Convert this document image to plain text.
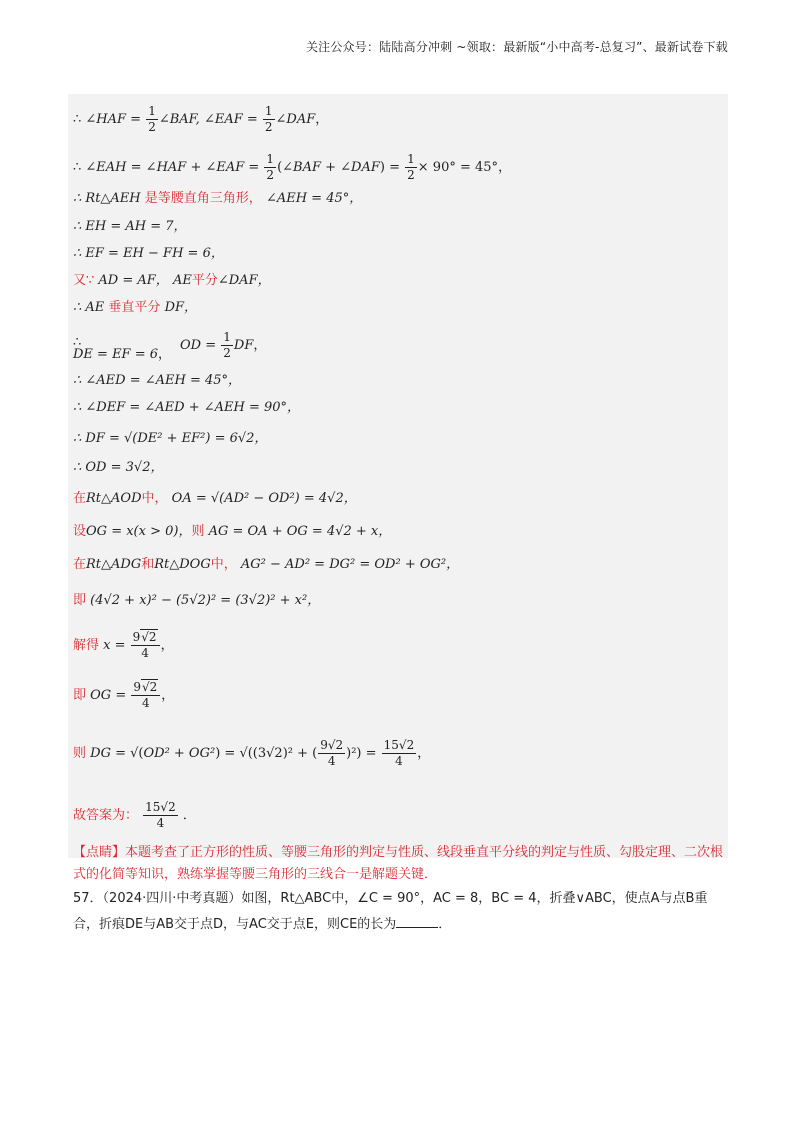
关注公众号：陆陆高分冲刺 ~领取：最新版“小中高考-总复习”、最新试卷下载
∴ ∠HAF = $\frac{1}{2}$ ∠BAF, ∠EAF = $\frac{1}{2}$ ∠DAF，
∴ ∠EAH = ∠HAF + ∠EAF = $\frac{1}{2}$ (∠BAF + ∠DAF) = $\frac{1}{2} \times 90^\circ = 45^\circ$，
∴ Rt△AEH 是等腰直角三角形， ∠AEH = 45°，
∴ EH = AH = 7，
∴ EF = EH − FH = 6，
又∵ AD = AF， AE平分∠DAF，
∴ AE 垂直平分 DF，
∴
DE = EF = 6，
OD = $\frac{1}{2}$ DF，
∴ ∠AED = ∠AEH = 45°，
∴ ∠DEF = ∠AED + ∠AEH = 90°，
∴ DF = √(DE² + EF²) = 6√2，
∴ OD = 3√2，
在Rt△AOD中， OA = √(AD² − OD²) = 4√2，
设OG = x(x > 0)，则 AG = OA + OG = 4√2 + x，
在Rt△ADG和Rt△DOG中， AG² − AD² = DG² = OD² + OG²，
即 (4√2 + x)² − (5√2)² = (3√2)² + x²，
解得 $x = \frac{9√2}{4}$ ，
即 OG = $\frac{9√2}{4}$ ，
则 DG = √(OD² + OG²) = √((3√2)² + ( $\frac{9√2}{4} )^2) = \frac{15√2}{4}$ ，
故答案为： $\frac{15√2}{4}$ ．
【点睛】本题考查了正方形的性质、等腰三角形的判定与性质、线段垂直平分线的判定与性质、勾股定理、二次根式的化简等知识，熟练掌握等腰三角形的三线合一是解题关键．
57．（2024·四川·中考真题）如图，Rt△ABC中，∠C = 90°，AC = 8，BC = 4，折叠∨ABC，使点A与点B重合，折痕DE与AB交于点D，与AC交于点E，则CE的长为	．
